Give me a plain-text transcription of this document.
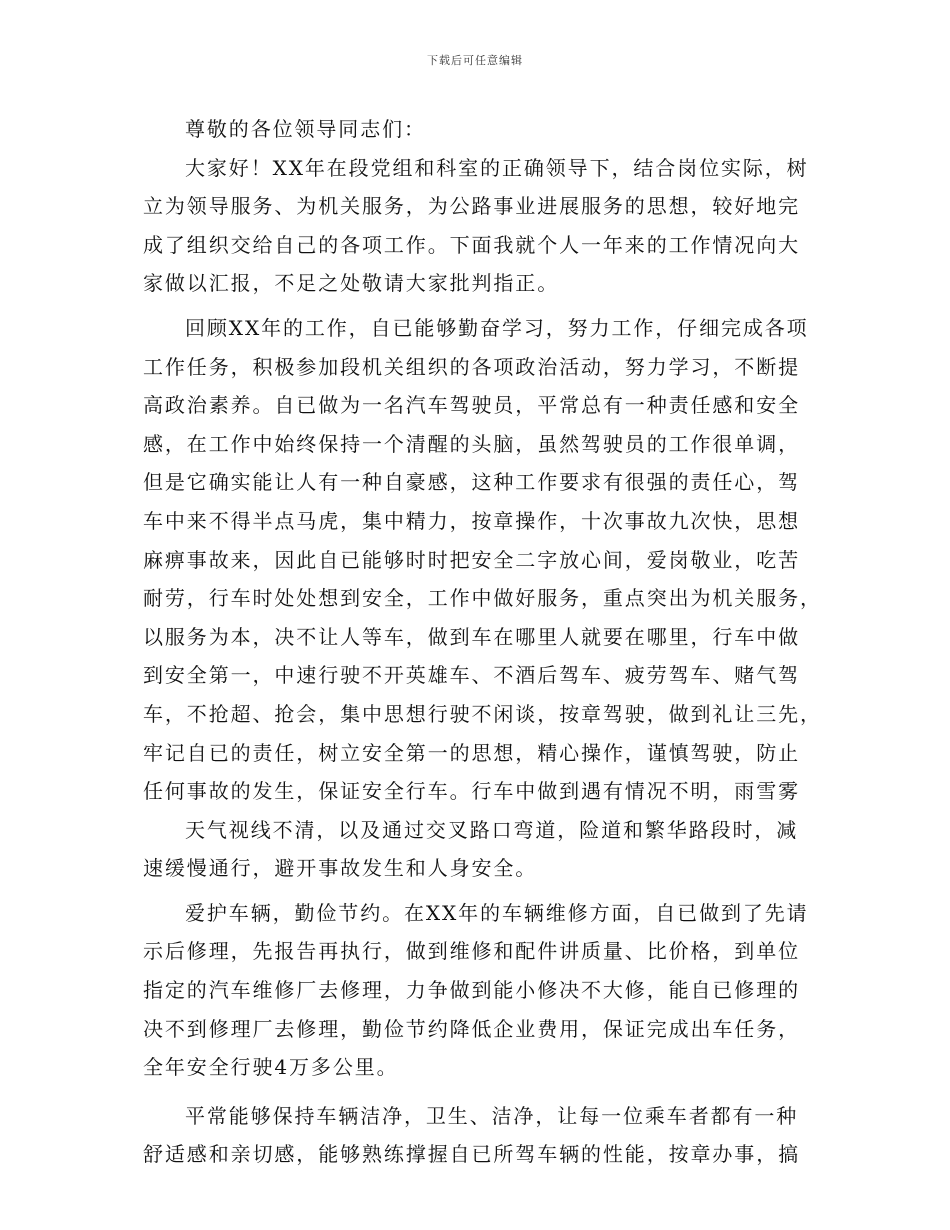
下载后可任意编辑
尊敬的各位领导同志们：
大家好！XX年在段党组和科室的正确领导下，结合岗位实际，树
立为领导服务、为机关服务，为公路事业进展服务的思想，较好地完
成了组织交给自己的各项工作。下面我就个人一年来的工作情况向大
家做以汇报，不足之处敬请大家批判指正。
回顾XX年的工作，自已能够勤奋学习，努力工作，仔细完成各项
工作任务，积极参加段机关组织的各项政治活动，努力学习，不断提
高政治素养。自已做为一名汽车驾驶员，平常总有一种责任感和安全
感，在工作中始终保持一个清醒的头脑，虽然驾驶员的工作很单调，
但是它确实能让人有一种自豪感，这种工作要求有很强的责任心，驾
车中来不得半点马虎，集中精力，按章操作，十次事故九次快，思想
麻痹事故来，因此自已能够时时把安全二字放心间，爱岗敬业，吃苦
耐劳，行车时处处想到安全，工作中做好服务，重点突出为机关服务，
以服务为本，决不让人等车，做到车在哪里人就要在哪里，行车中做
到安全第一，中速行驶不开英雄车、不酒后驾车、疲劳驾车、赌气驾
车，不抢超、抢会，集中思想行驶不闲谈，按章驾驶，做到礼让三先，
牢记自已的责任，树立安全第一的思想，精心操作，谨慎驾驶，防止
任何事故的发生，保证安全行车。行车中做到遇有情况不明，雨雪雾
天气视线不清，以及通过交叉路口弯道，险道和繁华路段时，减
速缓慢通行，避开事故发生和人身安全。
爱护车辆，勤俭节约。在XX年的车辆维修方面，自已做到了先请
示后修理，先报告再执行，做到维修和配件讲质量、比价格，到单位
指定的汽车维修厂去修理，力争做到能小修决不大修，能自已修理的
决不到修理厂去修理，勤俭节约降低企业费用，保证完成出车任务，
全年安全行驶4万多公里。
平常能够保持车辆洁净，卫生、洁净，让每一位乘车者都有一种
舒适感和亲切感，能够熟练撑握自已所驾车辆的性能，按章办事，搞
